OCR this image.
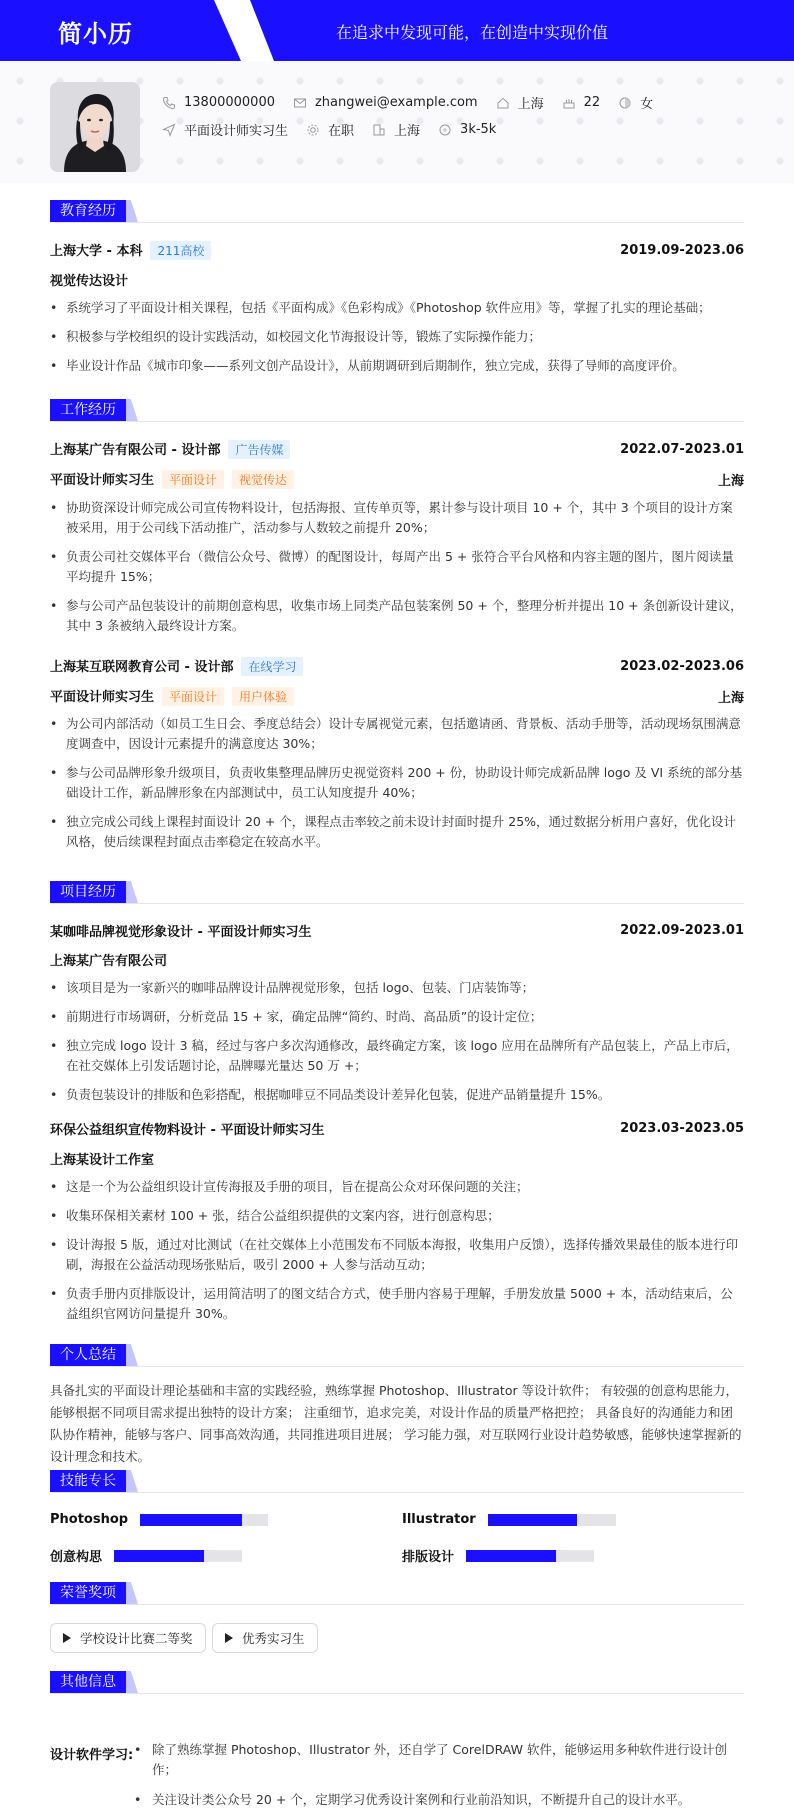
简小历	在追求中发现可能，在创造中实现价值
13800000000	zhangwei@example.com	上海	22	女
平面设计师实习生	在职	上海	3k-5k
教育经历
上海大学 - 本科 211高校	2019.09-2023.06
视觉传达设计
• 系统学习了平面设计相关课程，包括《平面构成》《色彩构成》《Photoshop 软件应用》等，掌握了扎实的理论基础；
• 积极参与学校组织的设计实践活动，如校园文化节海报设计等，锻炼了实际操作能力；
• 毕业设计作品《城市印象——系列文创产品设计》，从前期调研到后期制作，独立完成，获得了导师的高度评价。
工作经历
上海某广告有限公司 - 设计部 广告传媒	2022.07-2023.01
平面设计师实习生 平面设计 视觉传达	上海
• 协助资深设计师完成公司宣传物料设计，包括海报、宣传单页等，累计参与设计项目 10 + 个，其中 3 个项目的设计方案被采用，用于公司线下活动推广，活动参与人数较之前提升 20%；
• 负责公司社交媒体平台（微信公众号、微博）的配图设计，每周产出 5 + 张符合平台风格和内容主题的图片，图片阅读量平均提升 15%；
• 参与公司产品包装设计的前期创意构思，收集市场上同类产品包装案例 50 + 个，整理分析并提出 10 + 条创新设计建议，其中 3 条被纳入最终设计方案。
上海某互联网教育公司 - 设计部 在线学习	2023.02-2023.06
平面设计师实习生 平面设计 用户体验	上海
• 为公司内部活动（如员工生日会、季度总结会）设计专属视觉元素，包括邀请函、背景板、活动手册等，活动现场氛围满意度调查中，因设计元素提升的满意度达 30%；
• 参与公司品牌形象升级项目，负责收集整理品牌历史视觉资料 200 + 份，协助设计师完成新品牌 logo 及 VI 系统的部分基础设计工作，新品牌形象在内部测试中，员工认知度提升 40%；
• 独立完成公司线上课程封面设计 20 + 个，课程点击率较之前未设计封面时提升 25%，通过数据分析用户喜好，优化设计风格，使后续课程封面点击率稳定在较高水平。
项目经历
某咖啡品牌视觉形象设计 - 平面设计师实习生	2022.09-2023.01
上海某广告有限公司
• 该项目是为一家新兴的咖啡品牌设计品牌视觉形象，包括 logo、包装、门店装饰等；
• 前期进行市场调研，分析竞品 15 + 家，确定品牌“简约、时尚、高品质”的设计定位；
• 独立完成 logo 设计 3 稿，经过与客户多次沟通修改，最终确定方案，该 logo 应用在品牌所有产品包装上，产品上市后，在社交媒体上引发话题讨论，品牌曝光量达 50 万 +；
• 负责包装设计的排版和色彩搭配，根据咖啡豆不同品类设计差异化包装，促进产品销量提升 15%。
环保公益组织宣传物料设计 - 平面设计师实习生	2023.03-2023.05
上海某设计工作室
• 这是一个为公益组织设计宣传海报及手册的项目，旨在提高公众对环保问题的关注；
• 收集环保相关素材 100 + 张，结合公益组织提供的文案内容，进行创意构思；
• 设计海报 5 版，通过对比测试（在社交媒体上小范围发布不同版本海报，收集用户反馈），选择传播效果最佳的版本进行印刷，海报在公益活动现场张贴后，吸引 2000 + 人参与活动互动；
• 负责手册内页排版设计，运用简洁明了的图文结合方式，使手册内容易于理解，手册发放量 5000 + 本，活动结束后，公益组织官网访问量提升 30%。
个人总结
具备扎实的平面设计理论基础和丰富的实践经验，熟练掌握 Photoshop、Illustrator 等设计软件； 有较强的创意构思能力，能够根据不同项目需求提出独特的设计方案； 注重细节，追求完美，对设计作品的质量严格把控； 具备良好的沟通能力和团队协作精神，能够与客户、同事高效沟通，共同推进项目进展； 学习能力强，对互联网行业设计趋势敏感，能够快速掌握新的设计理念和技术。
技能专长
Photoshop	Illustrator
创意构思	排版设计
荣誉奖项
学校设计比赛二等奖	优秀实习生
其他信息
设计软件学习:
•	除了熟练掌握 Photoshop、Illustrator 外，还自学了 CorelDRAW 软件，能够运用多种软件进行设计创作；
• 关注设计类公众号 20 + 个，定期学习优秀设计案例和行业前沿知识，不断提升自己的设计水平。
